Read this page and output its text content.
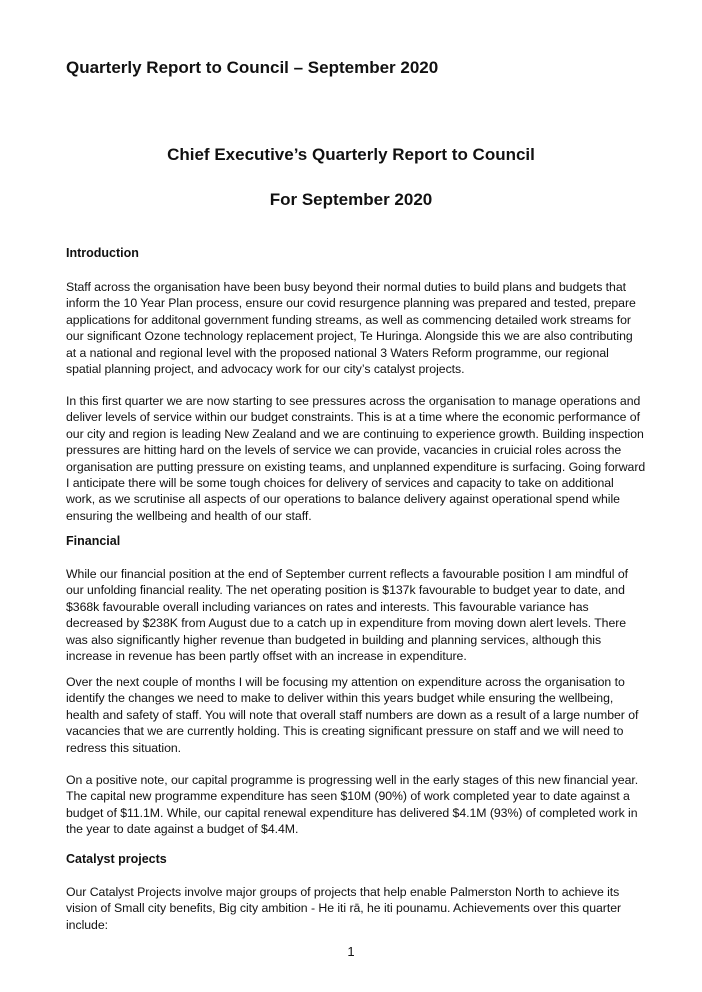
Quarterly Report to Council – September 2020
Chief Executive’s Quarterly Report to Council
For September 2020
Introduction

Staff across the organisation have been busy beyond their normal duties to build plans and budgets that inform the 10 Year Plan process, ensure our covid resurgence planning was prepared and tested, prepare applications for additonal government funding streams, as well as commencing detailed work streams for our significant Ozone technology replacement project, Te Huringa. Alongside this we are also contributing at a national and regional level with the proposed national 3 Waters Reform programme, our regional spatial planning project, and advocacy work for our city’s catalyst projects.

In this first quarter we are now starting to see pressures across the organisation to manage operations and deliver levels of service within our budget constraints. This is at a time where the economic performance of our city and region is leading New Zealand and we are continuing to experience growth. Building inspection pressures are hitting hard on the levels of service we can provide, vacancies in cruicial roles across the organisation are putting pressure on existing teams, and unplanned expenditure is surfacing. Going forward I anticipate there will be some tough choices for delivery of services and capacity to take on additional work, as we scrutinise all aspects of our operations to balance delivery against operational spend while ensuring the wellbeing and health of our staff.

Financial

While our financial position at the end of September current reflects a favourable position I am mindful of our unfolding financial reality. The net operating position is $137k favourable to budget year to date, and $368k favourable overall including variances on rates and interests. This favourable variance has decreased by $238K from August due to a catch up in expenditure from moving down alert levels. There was also significantly higher revenue than budgeted in building and planning services, although this increase in revenue has been partly offset with an increase in expenditure.

Over the next couple of months I will be focusing my attention on expenditure across the organisation to identify the changes we need to make to deliver within this years budget while ensuring the wellbeing, health and safety of staff. You will note that overall staff numbers are down as a result of a large number of vacancies that we are currently holding. This is creating significant pressure on staff and we will need to redress this situation.

On a positive note, our capital programme is progressing well in the early stages of this new financial year. The capital new programme expenditure has seen $10M (90%) of work completed year to date against a budget of $11.1M. While, our capital renewal expenditure has delivered $4.1M (93%) of completed work in the year to date against a budget of $4.4M.

Catalyst projects

Our Catalyst Projects involve major groups of projects that help enable Palmerston North to achieve its vision of Small city benefits, Big city ambition - He iti rā, he iti pounamu. Achievements over this quarter include:

1
